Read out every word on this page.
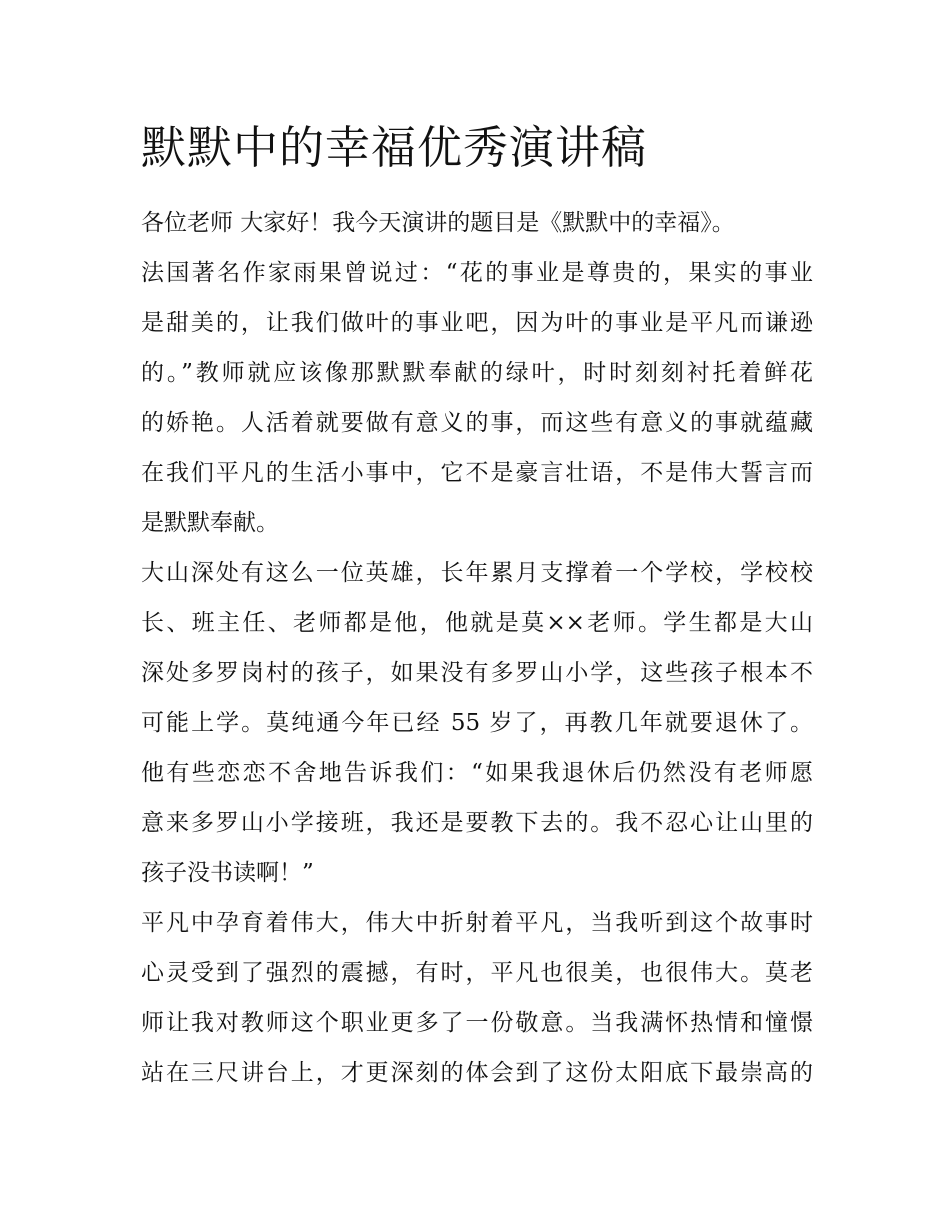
默默中的幸福优秀演讲稿

各位老师 大家好！我今天演讲的题目是《默默中的幸福》。

法国著名作家雨果曾说过：“花的事业是尊贵的，果实的事业
是甜美的，让我们做叶的事业吧，因为叶的事业是平凡而谦逊
的。”教师就应该像那默默奉献的绿叶，时时刻刻衬托着鲜花
的娇艳。人活着就要做有意义的事，而这些有意义的事就蕴藏
在我们平凡的生活小事中，它不是豪言壮语，不是伟大誓言而
是默默奉献。

大山深处有这么一位英雄，长年累月支撑着一个学校，学校校
长、班主任、老师都是他，他就是莫××老师。学生都是大山
深处多罗岗村的孩子，如果没有多罗山小学，这些孩子根本不
可能上学。莫纯通今年已经 55 岁了，再教几年就要退休了。
他有些恋恋不舍地告诉我们：“如果我退休后仍然没有老师愿
意来多罗山小学接班，我还是要教下去的。我不忍心让山里的
孩子没书读啊！”

平凡中孕育着伟大，伟大中折射着平凡，当我听到这个故事时
心灵受到了强烈的震撼，有时，平凡也很美，也很伟大。莫老
师让我对教师这个职业更多了一份敬意。当我满怀热情和憧憬
站在三尺讲台上，才更深刻的体会到了这份太阳底下最崇高的
